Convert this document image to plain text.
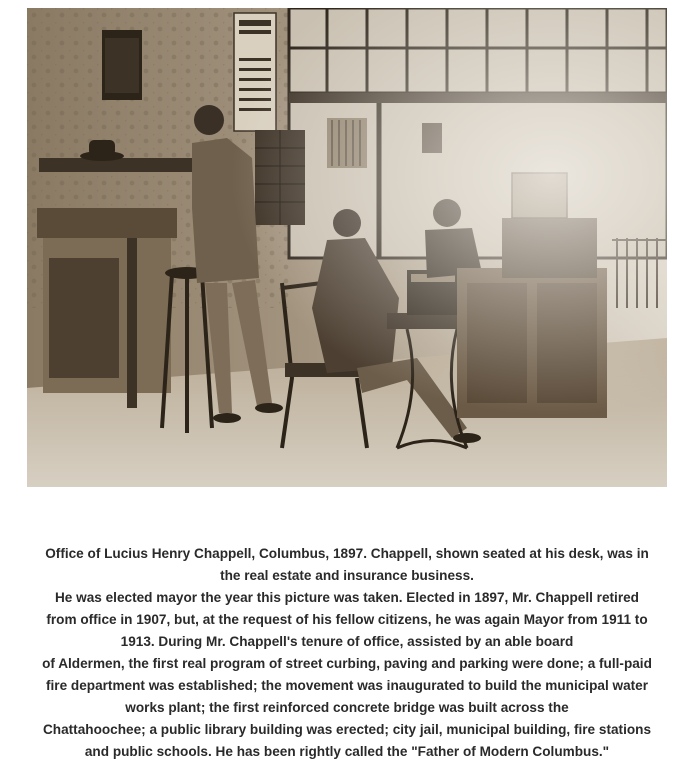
Office of Lucius Henry Chappell, Columbus, 1897. Chappell, shown seated at his desk, was in
the real estate and insurance business.
He was elected mayor the year this picture was taken. Elected in 1897, Mr. Chappell retired
from office in 1907, but, at the request of his fellow citizens, he was again Mayor from 1911 to
1913. During Mr. Chappell's tenure of office, assisted by an able board
of Aldermen, the first real program of street curbing, paving and parking were done; a full-paid
fire department was established; the movement was inaugurated to build the municipal water
works plant; the first reinforced concrete bridge was built across the
Chattahoochee; a public library building was erected; city jail, municipal building, fire stations
and public schools. He has been rightly called the "Father of Modern Columbus."
